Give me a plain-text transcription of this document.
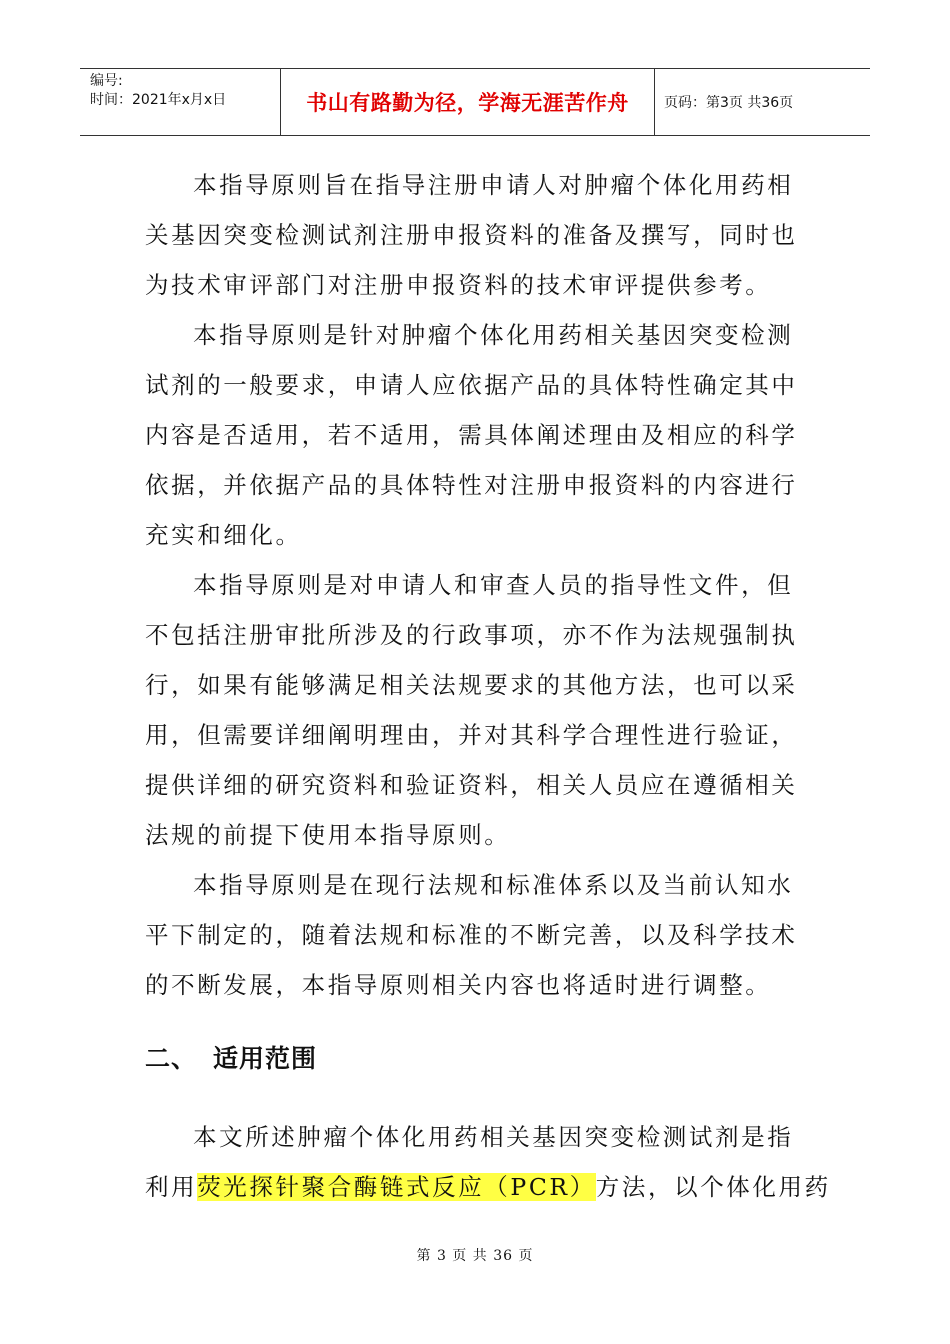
编号:
时间：2021年x月x日	书山有路勤为径，学海无涯苦作舟	页码：第3页 共36页
本指导原则旨在指导注册申请人对肿瘤个体化用药相
关基因突变检测试剂注册申报资料的准备及撰写，同时也
为技术审评部门对注册申报资料的技术审评提供参考。
本指导原则是针对肿瘤个体化用药相关基因突变检测
试剂的一般要求，申请人应依据产品的具体特性确定其中
内容是否适用，若不适用，需具体阐述理由及相应的科学
依据，并依据产品的具体特性对注册申报资料的内容进行
充实和细化。
本指导原则是对申请人和审查人员的指导性文件，但
不包括注册审批所涉及的行政事项，亦不作为法规强制执
行，如果有能够满足相关法规要求的其他方法，也可以采
用，但需要详细阐明理由，并对其科学合理性进行验证，
提供详细的研究资料和验证资料，相关人员应在遵循相关
法规的前提下使用本指导原则。
本指导原则是在现行法规和标准体系以及当前认知水
平下制定的，随着法规和标准的不断完善，以及科学技术
的不断发展，本指导原则相关内容也将适时进行调整。
二、 适用范围
本文所述肿瘤个体化用药相关基因突变检测试剂是指
利用荧光探针聚合酶链式反应（PCR）方法，以个体化用药
第 3 页 共 36 页
